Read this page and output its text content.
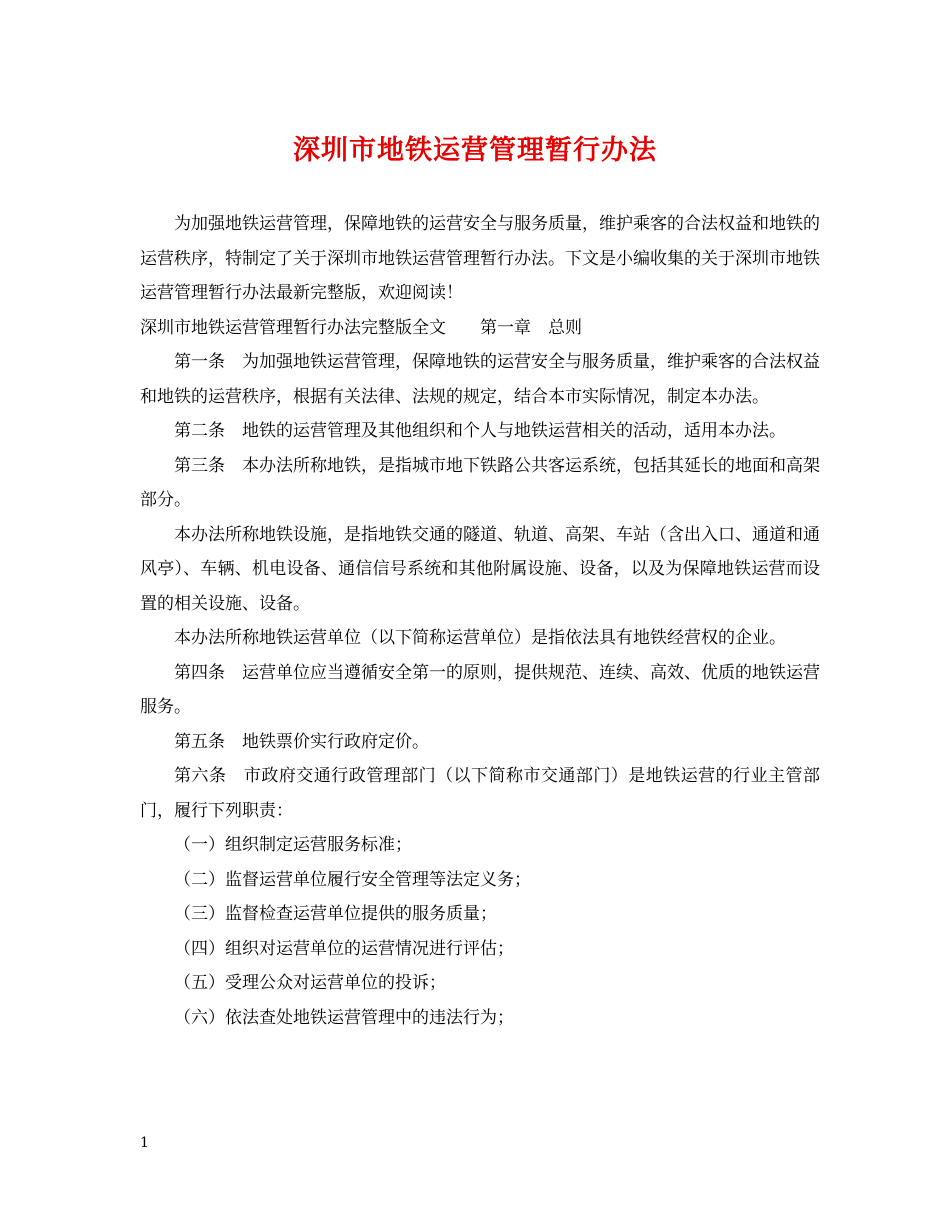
深圳市地铁运营管理暂行办法

为加强地铁运营管理，保障地铁的运营安全与服务质量，维护乘客的合法权益和地铁的运营秩序，特制定了关于深圳市地铁运营管理暂行办法。下文是小编收集的关于深圳市地铁运营管理暂行办法最新完整版，欢迎阅读！

深圳市地铁运营管理暂行办法完整版全文　　第一章　总则

第一条　为加强地铁运营管理，保障地铁的运营安全与服务质量，维护乘客的合法权益和地铁的运营秩序，根据有关法律、法规的规定，结合本市实际情况，制定本办法。

第二条　地铁的运营管理及其他组织和个人与地铁运营相关的活动，适用本办法。

第三条　本办法所称地铁，是指城市地下铁路公共客运系统，包括其延长的地面和高架部分。

本办法所称地铁设施，是指地铁交通的隧道、轨道、高架、车站（含出入口、通道和通风亭）、车辆、机电设备、通信信号系统和其他附属设施、设备，以及为保障地铁运营而设置的相关设施、设备。

本办法所称地铁运营单位（以下简称运营单位）是指依法具有地铁经营权的企业。

第四条　运营单位应当遵循安全第一的原则，提供规范、连续、高效、优质的地铁运营服务。

第五条　地铁票价实行政府定价。

第六条　市政府交通行政管理部门（以下简称市交通部门）是地铁运营的行业主管部门，履行下列职责：

（一）组织制定运营服务标准；

（二）监督运营单位履行安全管理等法定义务；

（三）监督检查运营单位提供的服务质量；

（四）组织对运营单位的运营情况进行评估；

（五）受理公众对运营单位的投诉；

（六）依法查处地铁运营管理中的违法行为；

1
